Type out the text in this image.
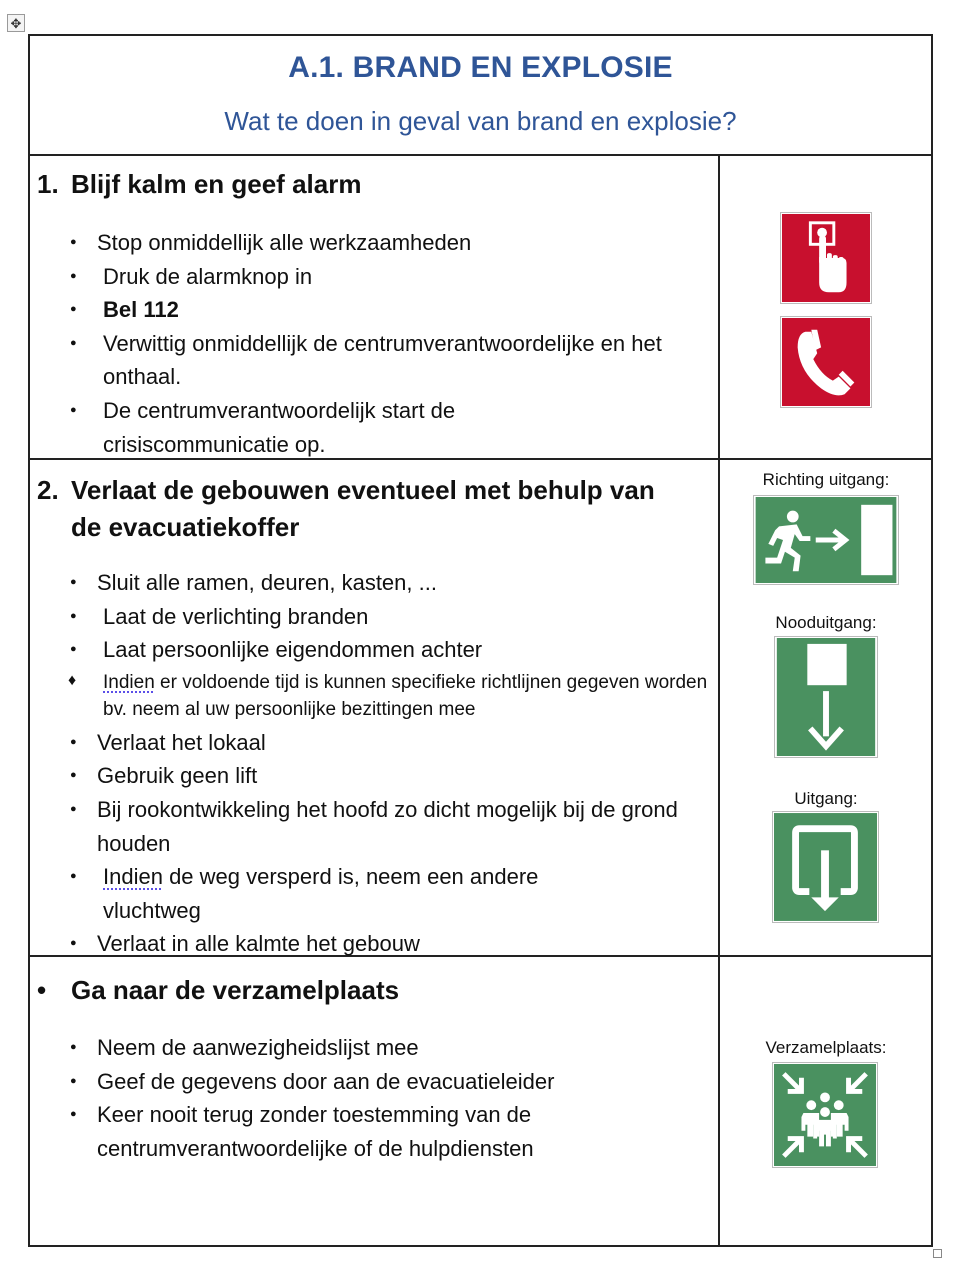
✥
A.1. BRAND EN EXPLOSIE
Wat te doen in geval van brand en explosie?
1. Blijf kalm en geef alarm
● Stop onmiddellijk alle werkzaamheden
● Druk de alarmknop in
● Bel 112
● Verwittig onmiddellijk de centrumverantwoordelijke en het onthaal.
● De centrumverantwoordelijk start de crisiscommunicatie op.
2. Verlaat de gebouwen eventueel met behulp van de evacuatiekoffer
● Sluit alle ramen, deuren, kasten, ...
● Laat de verlichting branden
● Laat persoonlijke eigendommen achter
♦ Indien er voldoende tijd is kunnen specifieke richtlijnen gegeven worden bv. neem al uw persoonlijke bezittingen mee
● Verlaat het lokaal
● Gebruik geen lift
● Bij rookontwikkeling het hoofd zo dicht mogelijk bij de grond houden
● Indien de weg versperd is, neem een andere vluchtweg
● Verlaat in alle kalmte het gebouw
Richting uitgang:
Nooduitgang:
Uitgang:
• Ga naar de verzamelplaats
● Neem de aanwezigheidslijst mee
● Geef de gegevens door aan de evacuatieleider
● Keer nooit terug zonder toestemming van de centrumverantwoordelijke of de hulpdiensten
Verzamelplaats:
